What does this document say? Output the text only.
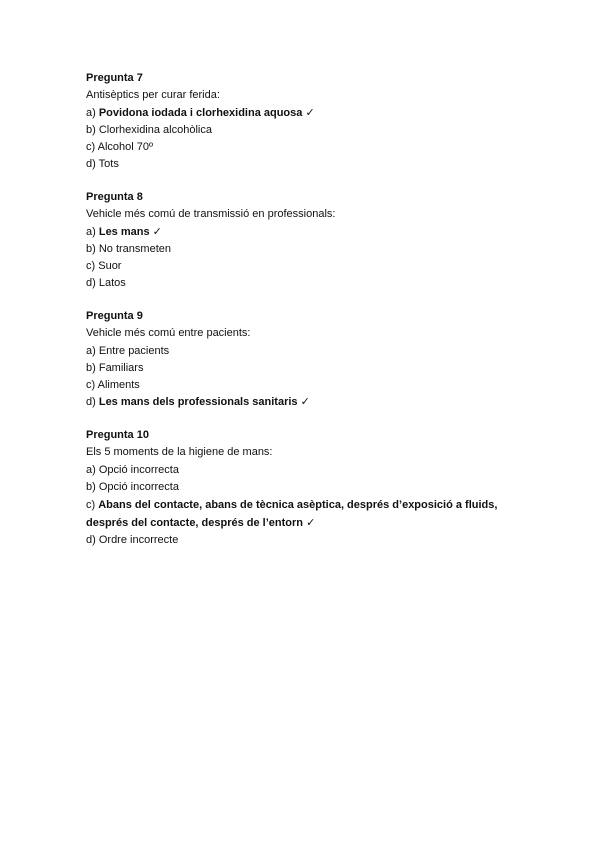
Pregunta 7
Antisèptics per curar ferida:
a) Povidona iodada i clorhexidina aquosa ✓
b) Clorhexidina alcohòlica
c) Alcohol 70º
d) Tots
Pregunta 8
Vehicle més comú de transmissió en professionals:
a) Les mans ✓
b) No transmeten
c) Suor
d) Latos
Pregunta 9
Vehicle més comú entre pacients:
a) Entre pacients
b) Familiars
c) Aliments
d) Les mans dels professionals sanitaris ✓
Pregunta 10
Els 5 moments de la higiene de mans:
a) Opció incorrecta
b) Opció incorrecta
c) Abans del contacte, abans de tècnica asèptica, després d’exposició a fluids, després del contacte, després de l’entorn ✓
d) Ordre incorrecte
